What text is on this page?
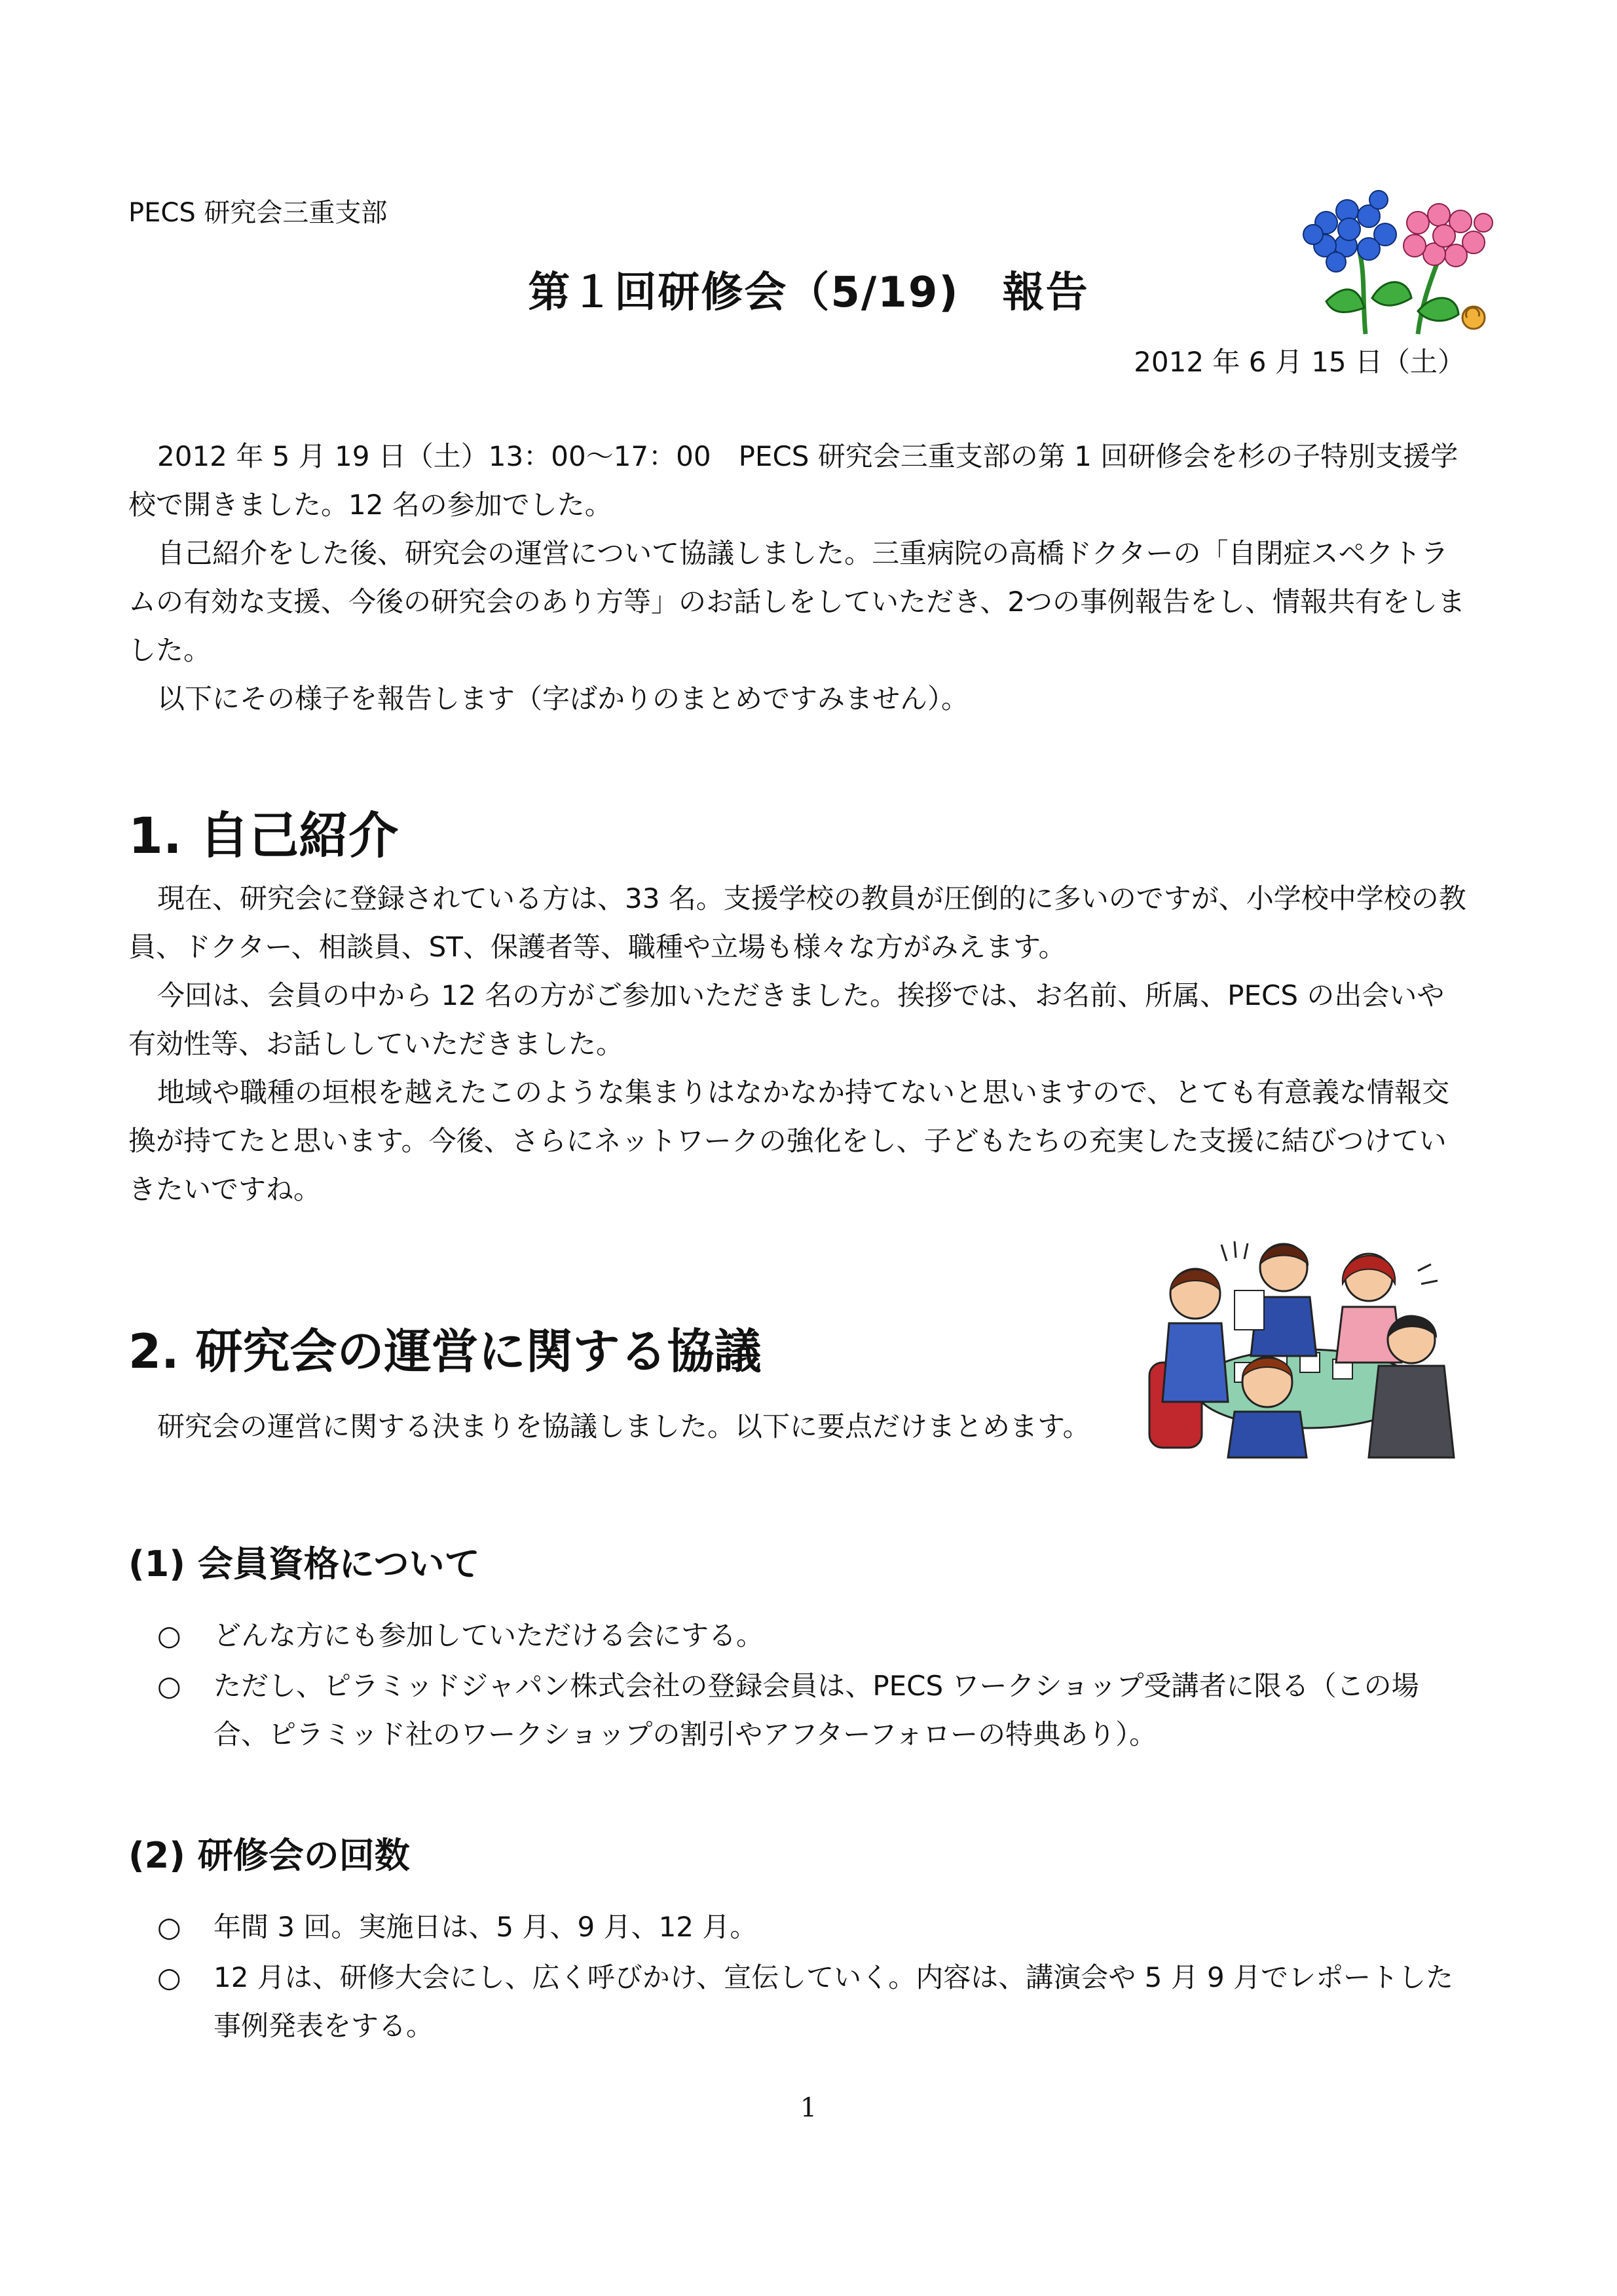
PECS 研究会三重支部
第１回研修会（5/19)　報告
2012 年 6 月 15 日（土）

2012 年 5 月 19 日（土）13：00～17：00　PECS 研究会三重支部の第 1 回研修会を杉の子特別支援学校で開きました。12 名の参加でした。

自己紹介をした後、研究会の運営について協議しました。三重病院の高橋ドクターの「自閉症スペクトラムの有効な支援、今後の研究会のあり方等」のお話しをしていただき、2つの事例報告をし、情報共有をしました。

以下にその様子を報告します（字ばかりのまとめですみません）。

1. 自己紹介

現在、研究会に登録されている方は、33 名。支援学校の教員が圧倒的に多いのですが、小学校中学校の教員、ドクター、相談員、ST、保護者等、職種や立場も様々な方がみえます。

今回は、会員の中から 12 名の方がご参加いただきました。挨拶では、お名前、所属、PECS の出会いや有効性等、お話ししていただきました。

地域や職種の垣根を越えたこのような集まりはなかなか持てないと思いますので、とても有意義な情報交換が持てたと思います。今後、さらにネットワークの強化をし、子どもたちの充実した支援に結びつけていきたいですね。

2. 研究会の運営に関する協議
研究会の運営に関する決まりを協議しました。以下に要点だけまとめます。
(1) 会員資格について
○ どんな方にも参加していただける会にする。
○ ただし、ピラミッドジャパン株式会社の登録会員は、PECS ワークショップ受講者に限る（この場合、ピラミッド社のワークショップの割引やアフターフォローの特典あり）。
(2) 研修会の回数
○ 年間 3 回。実施日は、5 月、9 月、12 月。
○ 12 月は、研修大会にし、広く呼びかけ、宣伝していく。内容は、講演会や 5 月 9 月でレポートした事例発表をする。
1
